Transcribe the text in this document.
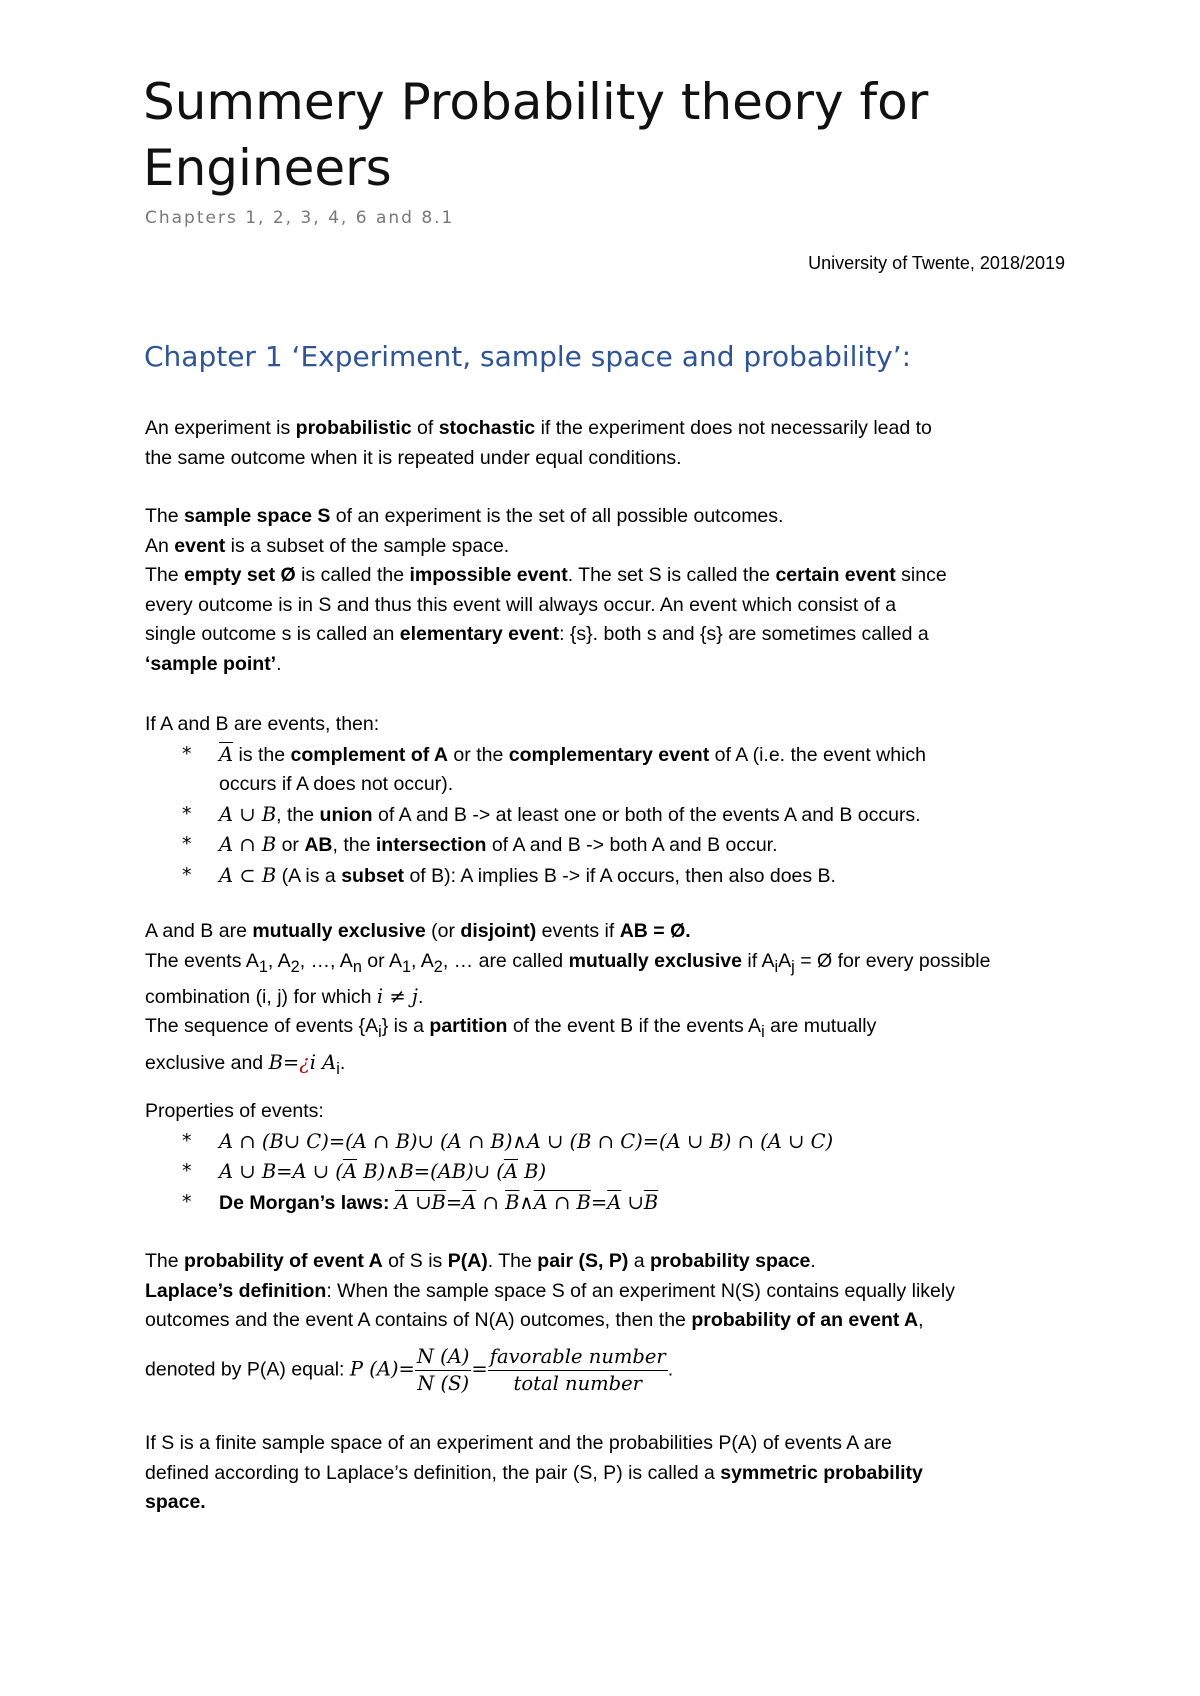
Summery Probability theory for
Engineers
Chapters 1, 2, 3, 4, 6 and 8.1
University of Twente, 2018/2019
Chapter 1 ‘Experiment, sample space and probability’:
An experiment is probabilistic of stochastic if the experiment does not necessarily lead to
the same outcome when it is repeated under equal conditions.
The sample space S of an experiment is the set of all possible outcomes.
An event is a subset of the sample space.
The empty set Ø is called the impossible event. The set S is called the certain event since
every outcome is in S and thus this event will always occur. An event which consist of a
single outcome s is called an elementary event: {s}. both s and {s} are sometimes called a
‘sample point’.
If A and B are events, then:
* $\overline{A}$ is the complement of A or the complementary event of A (i.e. the event which
occurs if A does not occur).
* A ∪ B, the union of A and B -> at least one or both of the events A and B occurs.
* A ∩ B or AB, the intersection of A and B -> both A and B occur.
* A ⊂ B (A is a subset of B): A implies B -> if A occurs, then also does B.
A and B are mutually exclusive (or disjoint) events if AB = Ø.
The events $A_1$, $A_2$, …, $A_n$ or $A_1$, $A_2$, … are called mutually exclusive if $A_iA_j$ = Ø for every possible
combination (i, j) for which i ≠ j.
The sequence of events $\{A_i\}$ is a partition of the event B if the events $A_i$ are mutually
exclusive and B=¿i $A_i$.
Properties of events:
* A ∩ (B∪ C)=(A ∩ B)∪ (A ∩ B)∧A ∪ (B ∩ C)=(A ∪ B) ∩ (A ∪ C)
* A ∪ B=A ∪ ($\overline{A}$ B)∧B=(AB)∪ ($\overline{A}$ B)
* De Morgan’s laws: A $\cup B=\overline{A}$ ∩ $\overline{B}\wedge A$ ∩ $B=\overline{A}$ $\cup\overline{B}$
The probability of event A of S is P(A). The pair (S, P) a probability space.
Laplace’s definition: When the sample space S of an experiment N(S) contains equally likely
outcomes and the event A contains of N(A) outcomes, then the probability of an event A,
denoted by P(A) equal: P $(A)= \frac{N (A)}{N (S)} = \frac{\text{favorable number}}{\text{total number}}$ .
If S is a finite sample space of an experiment and the probabilities P(A) of events A are
defined according to Laplace’s definition, the pair (S, P) is called a symmetric probability
space.
